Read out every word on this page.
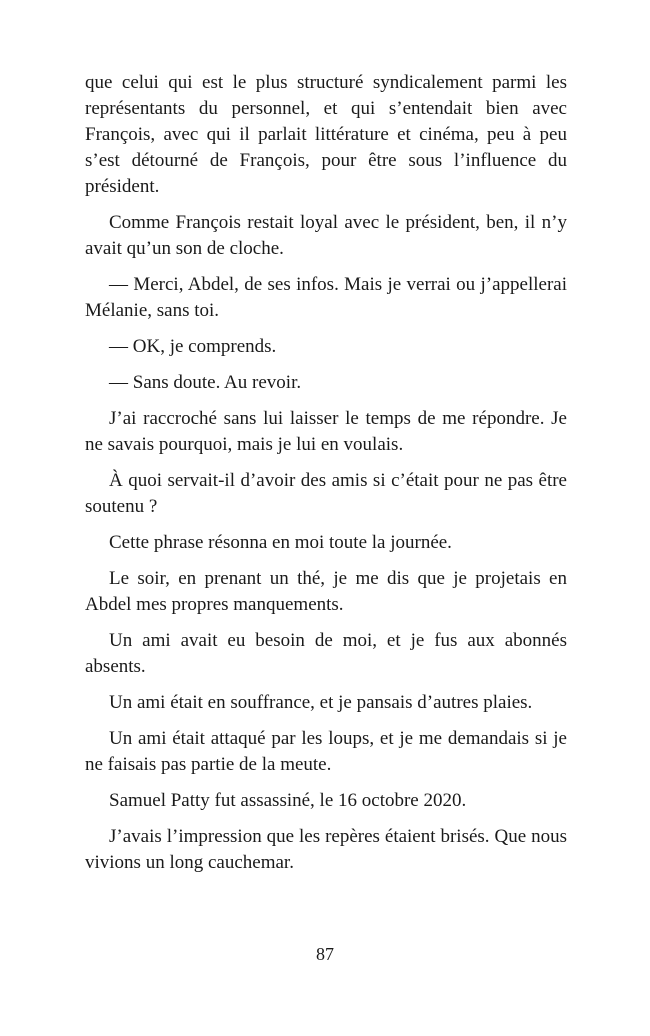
que celui qui est le plus structuré syndicalement parmi les représentants du personnel, et qui s’entendait bien avec François, avec qui il parlait littérature et cinéma, peu à peu s’est détourné de François, pour être sous l’influence du président.

Comme François restait loyal avec le président, ben, il n’y avait qu’un son de cloche.

— Merci, Abdel, de ses infos. Mais je verrai ou j’appellerai Mélanie, sans toi.

— OK, je comprends.

— Sans doute. Au revoir.

J’ai raccroché sans lui laisser le temps de me répondre. Je ne savais pourquoi, mais je lui en voulais.

À quoi servait-il d’avoir des amis si c’était pour ne pas être soutenu ?

Cette phrase résonna en moi toute la journée.

Le soir, en prenant un thé, je me dis que je projetais en Abdel mes propres manquements.

Un ami avait eu besoin de moi, et je fus aux abonnés absents.

Un ami était en souffrance, et je pansais d’autres plaies.

Un ami était attaqué par les loups, et je me demandais si je ne faisais pas partie de la meute.

Samuel Patty fut assassiné, le 16 octobre 2020.

J’avais l’impression que les repères étaient brisés. Que nous vivions un long cauchemar.

87
